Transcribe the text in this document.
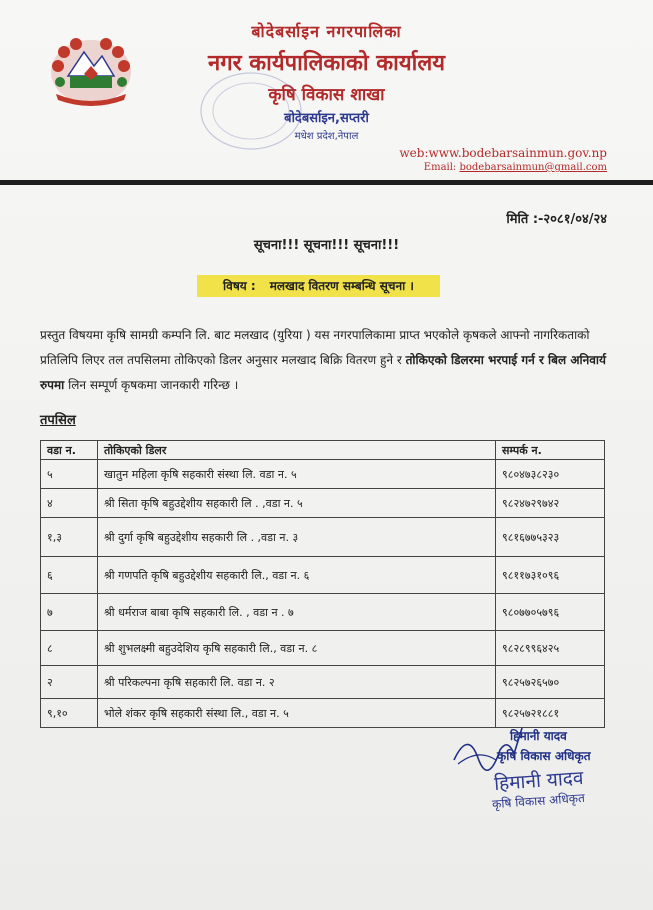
बोदेबर्साइन नगरपालिका
नगर कार्यपालिकाको कार्यालय
कृषि विकास शाखा
बोदेबर्साइन,सप्तरी
मधेश प्रदेश,नेपाल
web:www.bodebarsainmun.gov.np
Email: bodebarsainmun@gmail.com
मिति :-२०८१/०४/२४
सूचना!!! सूचना!!! सूचना!!!
विषय : मलखाद वितरण सम्बन्धि सूचना ।
प्रस्तुत विषयमा कृषि सामग्री कम्पनि लि. बाट मलखाद (युरिया ) यस नगरपालिकामा प्राप्त भएकोले कृषकले आफ्नो नागरिकताको प्रतिलिपि लिएर तल तपसिलमा तोकिएको डिलर अनुसार मलखाद बिक्रि वितरण हुने र तोकिएको डिलरमा भरपाई गर्न र बिल अनिवार्य रुपमा लिन सम्पूर्ण कृषकमा जानकारी गरिन्छ ।
तपसिल
वडा न.	तोकिएको डिलर	सम्पर्क न.
५	खातुन महिला कृषि सहकारी संस्था लि. वडा न. ५	९८०४७३८२३०
४	श्री सिता कृषि बहुउद्देशीय सहकारी लि . ,वडा न. ५	९८२४७२९७४२
१,३	श्री दुर्गा कृषि बहुउद्देशीय सहकारी लि . ,वडा न. ३	९८१६७७५३२३
६	श्री गणपति कृषि बहुउद्देशीय सहकारी लि., वडा न. ६	९८११७३१०९६
७	श्री धर्मराज बाबा कृषि सहकारी लि. , वडा न . ७	९८०७७०५७९६
८	श्री शुभलक्ष्मी बहुउदेशिय कृषि सहकारी लि., वडा न. ८	९८२८९९६४२५
२	श्री परिकल्पना कृषि सहकारी लि. वडा न. २	९८२५७२६५७०
९,१०	भोले शंकर कृषि सहकारी संस्था लि., वडा न. ५	९८२५७२१८८१
हिमानी यादव
कृषि विकास अधिकृत
हिमानी यादव
कृषि विकास अधिकृत
